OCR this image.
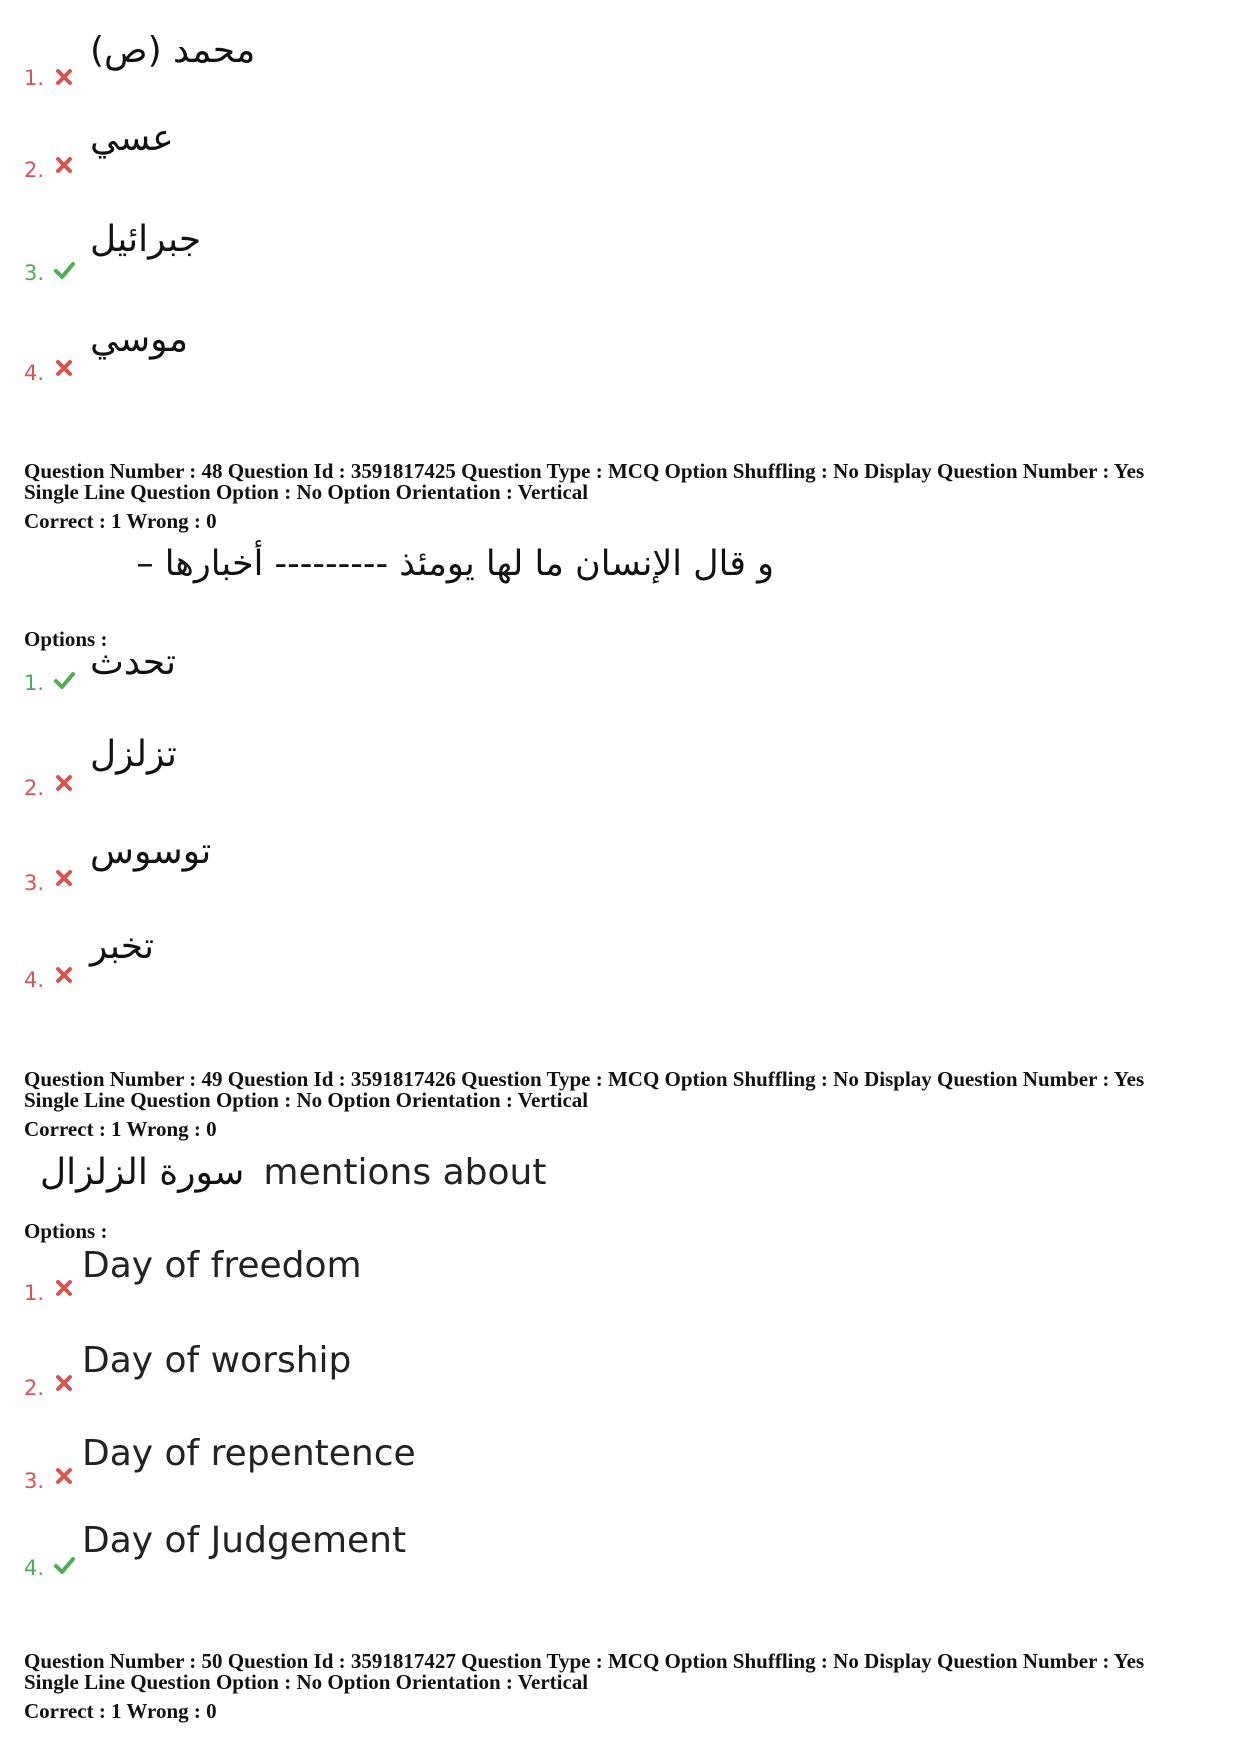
1.
محمد (ص)
2.
عسي
3.
جبرائيل
4.
موسي
Question Number : 48 Question Id : 3591817425 Question Type : MCQ Option Shuffling : No Display Question Number : Yes
Single Line Question Option : No Option Orientation : Vertical
Correct : 1 Wrong : 0
و قال الإنسان ما لها يومئذ --------- أخبارها –
Options :
1. تحدث
2.
تزلزل
3.
توسوس
4.
تخبر
Question Number : 49 Question Id : 3591817426 Question Type : MCQ Option Shuffling : No Display Question Number : Yes
Single Line Question Option : No Option Orientation : Vertical
Correct : 1 Wrong : 0
سورة الزلزال mentions about
Options :
1.
Day of freedom
2.
Day of worship
3.
Day of repentence
4.
Day of Judgement
Question Number : 50 Question Id : 3591817427 Question Type : MCQ Option Shuffling : No Display Question Number : Yes
Single Line Question Option : No Option Orientation : Vertical
Correct : 1 Wrong : 0
